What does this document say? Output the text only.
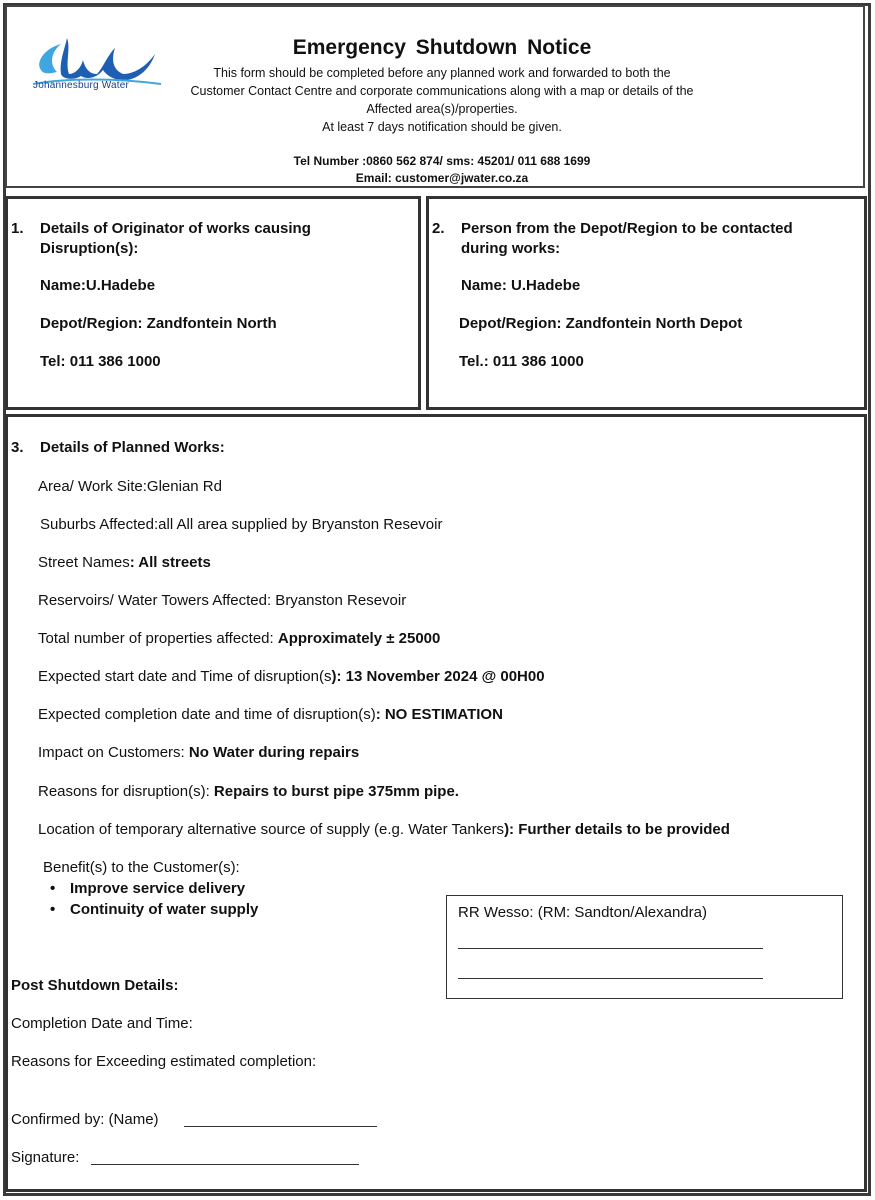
Johannesburg Water
Emergency Shutdown Notice
This form should be completed before any planned work and forwarded to both the
Customer Contact Centre and corporate communications along with a map or details of the
Affected area(s)/properties.
At least 7 days notification should be given.
Tel Number :0860 562 874/ sms: 45201/ 011 688 1699
Email: customer@jwater.co.za
1. Details of Originator of works causing
Disruption(s):
Name:U.Hadebe
Depot/Region: Zandfontein North
Tel: 011 386 1000
2. Person from the Depot/Region to be contacted
during works:
Name: U.Hadebe
Depot/Region: Zandfontein North Depot
Tel.: 011 386 1000
3. Details of Planned Works:
Area/ Work Site:Glenian Rd
Suburbs Affected:all All area supplied by Bryanston Resevoir
Street Names: All streets
Reservoirs/ Water Towers Affected: Bryanston Resevoir
Total number of properties affected: Approximately ± 25000
Expected start date and Time of disruption(s): 13 November 2024 @ 00H00
Expected completion date and time of disruption(s): NO ESTIMATION
Impact on Customers: No Water during repairs
Reasons for disruption(s): Repairs to burst pipe 375mm pipe.
Location of temporary alternative source of supply (e.g. Water Tankers): Further details to be provided
Benefit(s) to the Customer(s):
• Improve service delivery
• Continuity of water supply	RR Wesso: (RM: Sandton/Alexandra)
Post Shutdown Details:
Completion Date and Time:
Reasons for Exceeding estimated completion:
Confirmed by: (Name)
Signature:
